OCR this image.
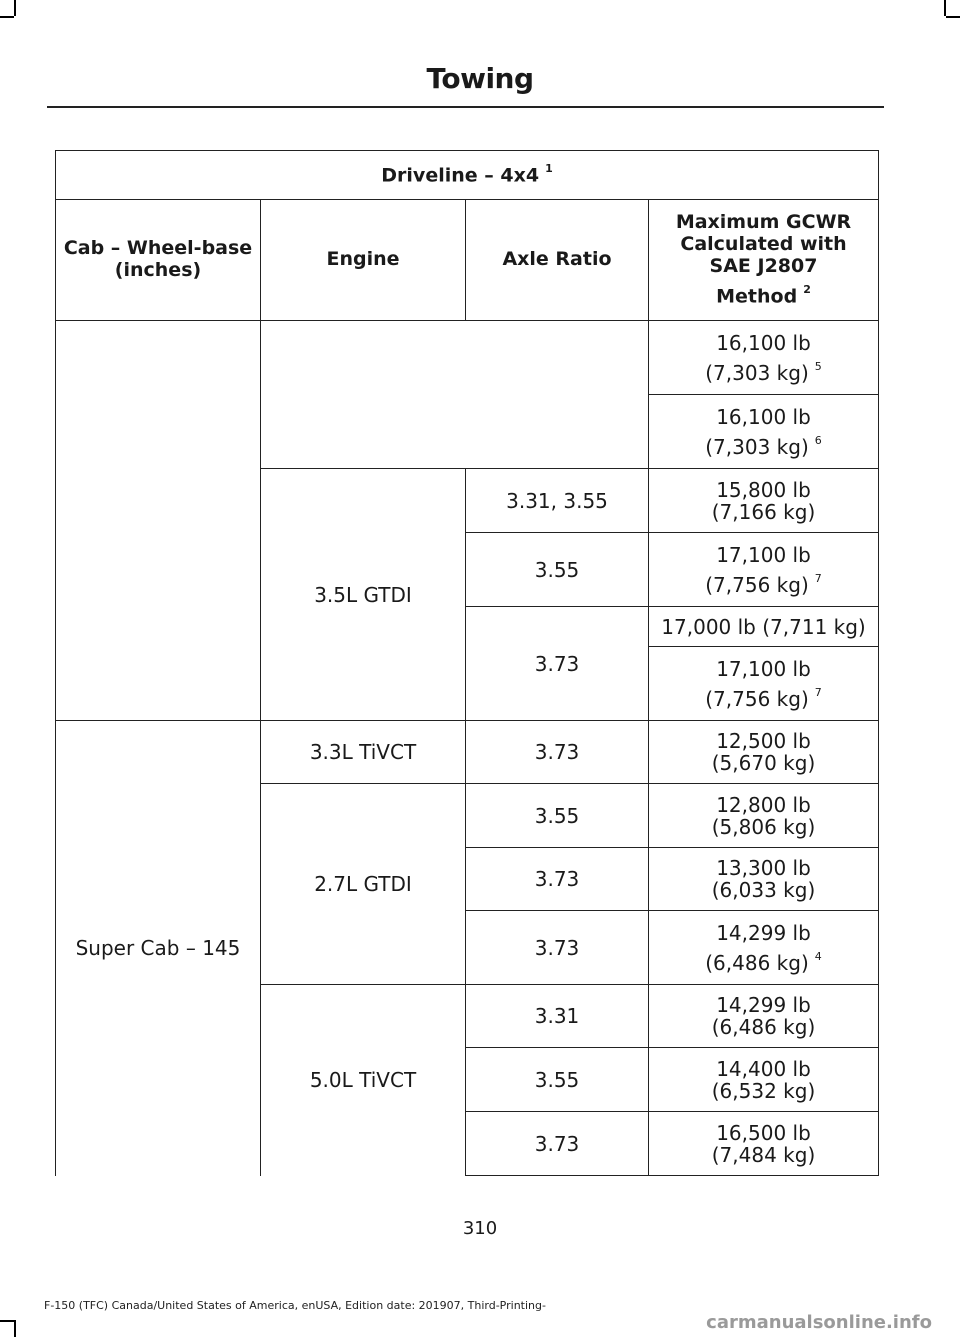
Towing
Driveline – 4x4 $^1$
Cab – Wheel-base (inches)	Engine	Axle Ratio	Maximum GCWR
Calculated with
SAE J2807
Method $^2$

			16,100 lb

(7,303 kg) $^5$

			16,100 lb

(7,303 kg) $^6$

	3.5L GTDI	3.31, 3.55	15,800 lb
(7,166 kg)

		3.55	17,100 lb

(7,756 kg) $^7$

		3.73	17,000 lb (7,711 kg)

			17,100 lb

(7,756 kg) $^7$

Super Cab – 145	3.3L TiVCT	3.73	12,500 lb
(5,670 kg)

	2.7L GTDI	3.55	12,800 lb
(5,806 kg)

		3.73	13,300 lb
(6,033 kg)

		3.73	14,299 lb

(6,486 kg) $^4$

	5.0L TiVCT	3.31	14,299 lb
(6,486 kg)

		3.55	14,400 lb
(6,532 kg)

		3.73	16,500 lb
(7,484 kg)
310
F-150 (TFC) Canada/United States of America, enUSA, Edition date: 201907, Third-Printing-
carmanualsonline.info
